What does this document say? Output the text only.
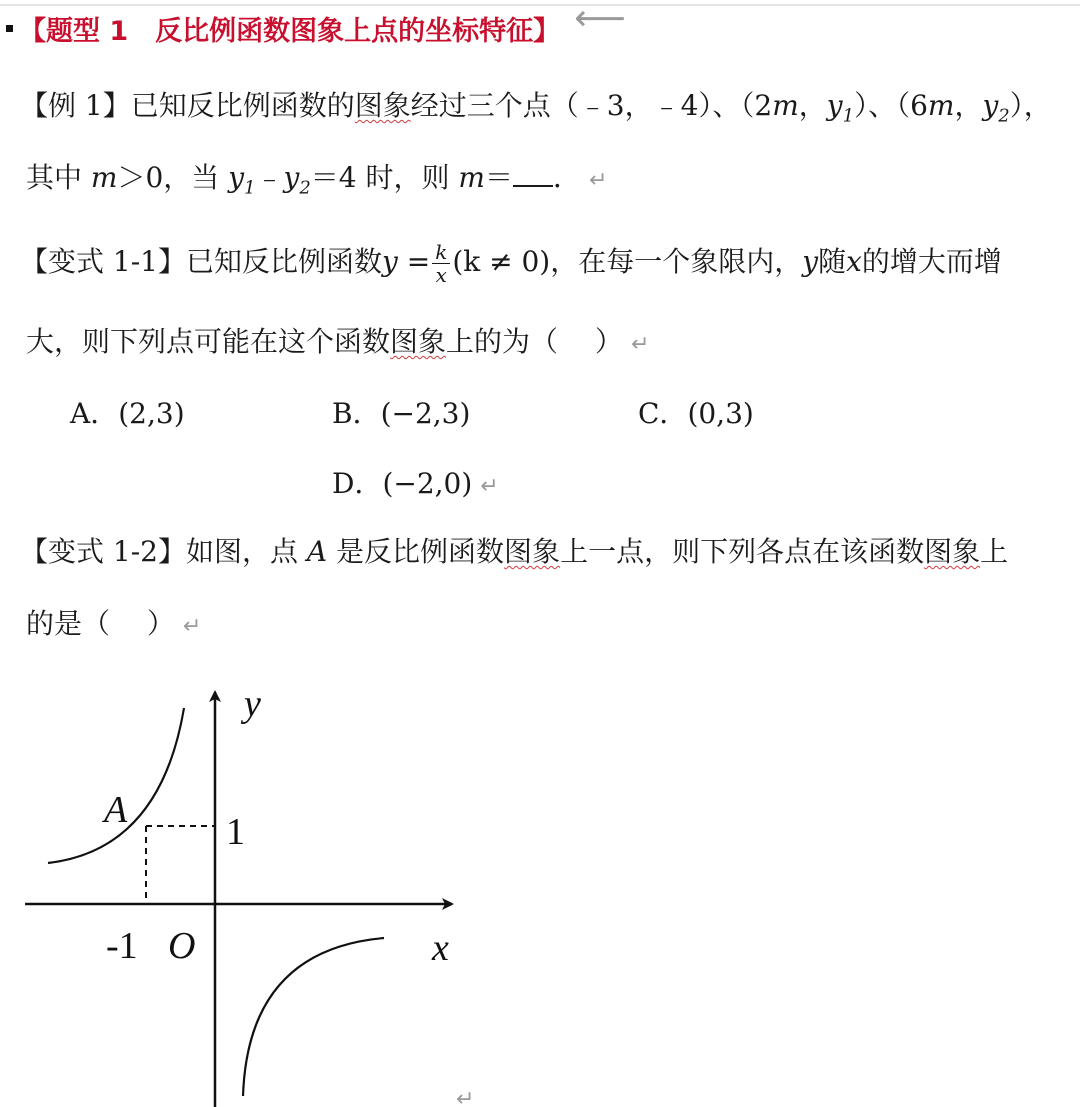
【题型 1　反比例函数图象上点的坐标特征】 ⟵
【例 1】已知反比例函数的图象经过三个点（﹣3，﹣4）、（2m，$y_1$）、（6m，$y_2$），
其中 m＞0，当 $y_1﹣y_2=4$ 时，则 m＝ ． ↵
【变式 1-1】已知反比例函数$y = \frac{k}{x} (k \ne 0)$，在每一个象限内，y随x的增大而增
大，则下列点可能在这个函数图象上的为（　 ） ↵
A．(2,3)	B．(−2,3)	C．(0,3)
D．(−2,0) ↵
【变式 1-2】如图，点 A 是反比例函数图象上一点，则下列各点在该函数图象上
的是（　 ） ↵
y
A
1
-1 O	x
↵
